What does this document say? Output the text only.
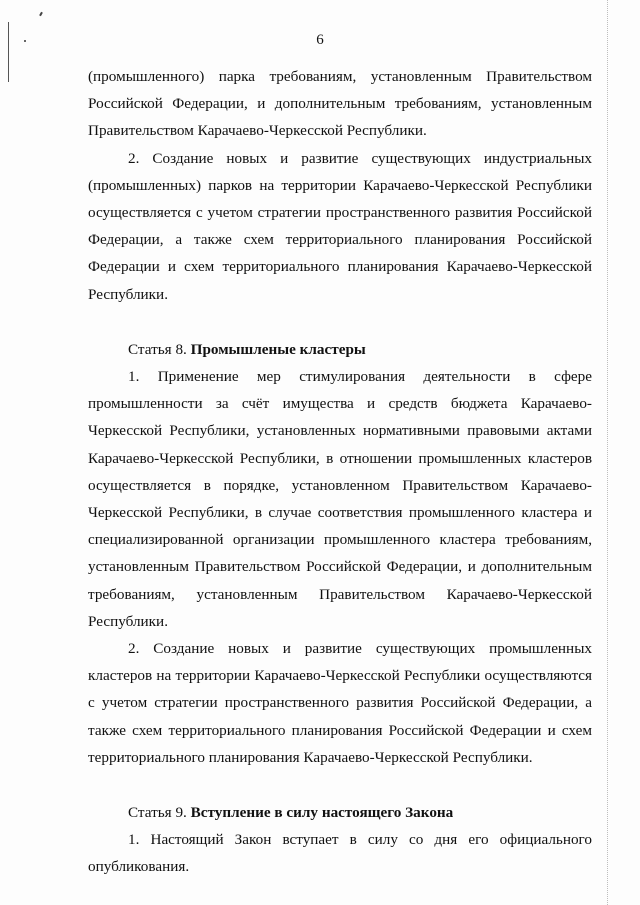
6

(промышленного) парка требованиям, установленным Правительством Российской Федерации, и дополнительным требованиям, установленным Правительством Карачаево-Черкесской Республики.

2. Создание новых и развитие существующих индустриальных (промышленных) парков на территории Карачаево-Черкесской Республики осуществляется с учетом стратегии пространственного развития Российской Федерации, а также схем территориального планирования Российской Федерации и схем территориального планирования Карачаево-Черкесской Республики.

Статья 8. Промышленые кластеры

1. Применение мер стимулирования деятельности в сфере промышленности за счёт имущества и средств бюджета Карачаево-Черкесской Республики, установленных нормативными правовыми актами Карачаево-Черкесской Республики, в отношении промышленных кластеров осуществляется в порядке, установленном Правительством Карачаево-Черкесской Республики, в случае соответствия промышленного кластера и специализированной организации промышленного кластера требованиям, установленным Правительством Российской Федерации, и дополнительным требованиям, установленным Правительством Карачаево-Черкесской Республики.

2. Создание новых и развитие существующих промышленных кластеров на территории Карачаево-Черкесской Республики осуществляются с учетом стратегии пространственного развития Российской Федерации, а также схем территориального планирования Российской Федерации и схем территориального планирования Карачаево-Черкесской Республики.

Статья 9. Вступление в силу настоящего Закона

1. Настоящий Закон вступает в силу со дня его официального опубликования.
